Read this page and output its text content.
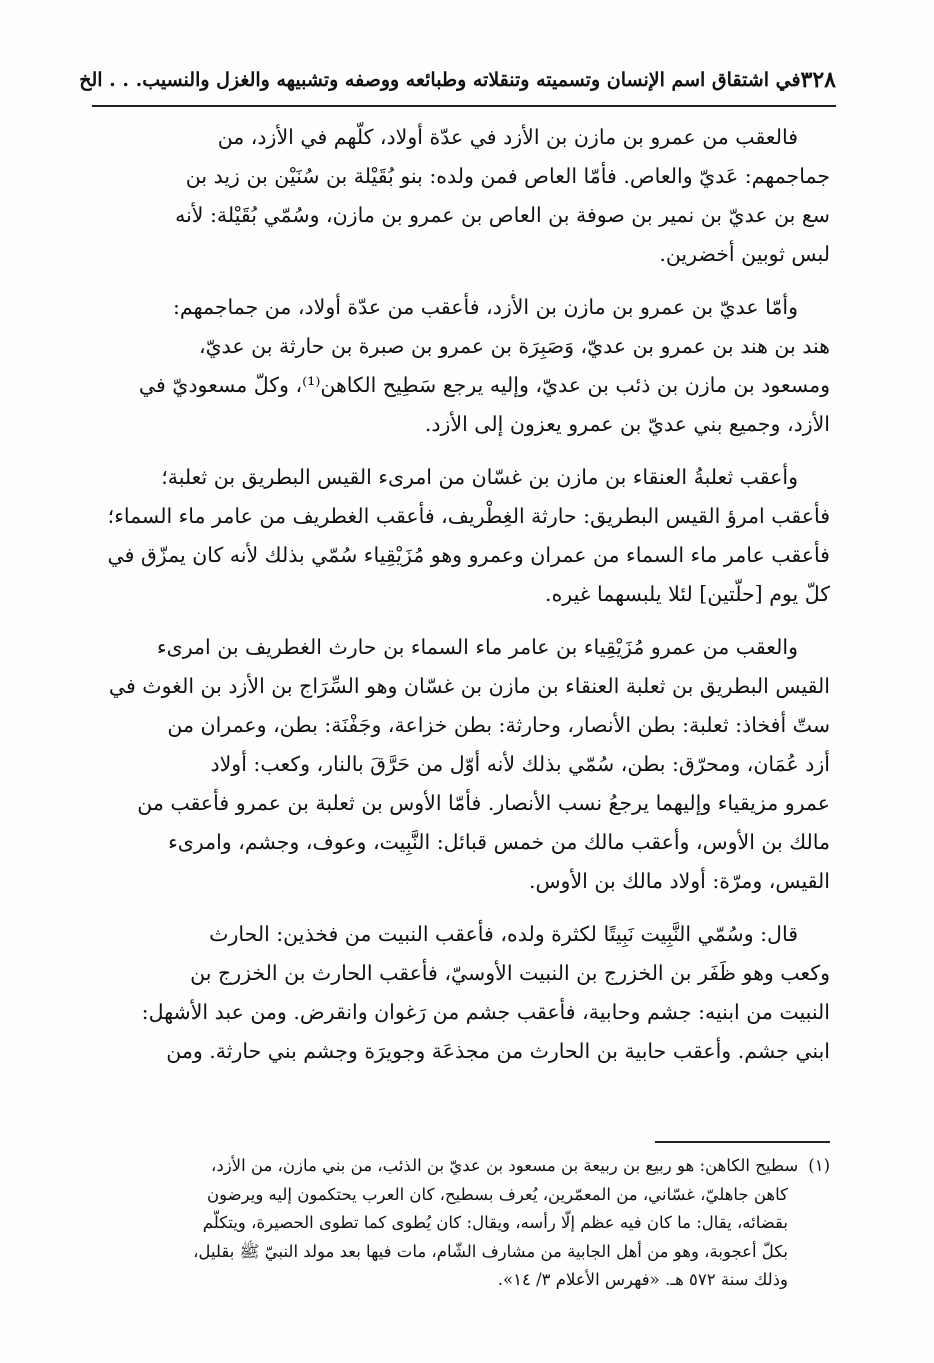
٣٢٨
في اشتقاق اسم الإنسان وتسميته وتنقلاته وطبائعه ووصفه وتشبيهه والغزل والنسيب. . . الخ
فالعقب من عمرو بن مازن بن الأزد في عدّة أولاد، كلّهم في الأزد، من
جماجمهم: عَديّ والعاص. فأمّا العاص فمن ولده: بنو بُقَيْلة بن سُنَيْن بن زيد بن
سع بن عديّ بن نمير بن صوفة بن العاص بن عمرو بن مازن، وسُمّي بُقَيْلة: لأنه
لبس ثوبين أخضرين.
وأمّا عديّ بن عمرو بن مازن بن الأزد، فأعقب من عدّة أولاد، من جماجمهم:
هند بن هند بن عمرو بن عديّ، وَصَبِرَة بن عمرو بن صبرة بن حارثة بن عديّ،
ومسعود بن مازن بن ذئب بن عديّ، وإليه يرجع سَطِيح الكاهن⁽¹⁾، وكلّ مسعوديّ في
الأزد، وجميع بني عديّ بن عمرو يعزون إلى الأزد.
وأعقب ثعلبةُ العنقاء بن مازن بن غسّان من امرىء القيس البطريق بن ثعلبة؛
فأعقب امرؤ القيس البطريق: حارثة الغِطْريف، فأعقب الغطريف من عامر ماء السماء؛
فأعقب عامر ماء السماء من عمران وعمرو وهو مُزَيْقِياء سُمّي بذلك لأنه كان يمزّق في
كلّ يوم [حلّتين] لئلا يلبسهما غيره.
والعقب من عمرو مُزَيْقِياء بن عامر ماء السماء بن حارث الغطريف بن امرىء
القيس البطريق بن ثعلبة العنقاء بن مازن بن غسّان وهو السِّرَاج بن الأزد بن الغوث في
ستّ أفخاذ: ثعلبة: بطن الأنصار، وحارثة: بطن خزاعة، وجَفْنَة: بطن، وعمران من
أزد عُمَان، ومحرّق: بطن، سُمّي بذلك لأنه أوّل من حَرَّقَ بالنار، وكعب: أولاد
عمرو مزيقياء وإليهما يرجعُ نسب الأنصار. فأمّا الأوس بن ثعلبة بن عمرو فأعقب من
مالك بن الأوس، وأعقب مالك من خمس قبائل: النَّبِيت، وعوف، وجشم، وامرىء
القيس، ومرّة: أولاد مالك بن الأوس.
قال: وسُمّي النَّبِيت نَبِيتًا لكثرة ولده، فأعقب النبيت من فخذين: الحارث
وكعب وهو ظَفَر بن الخزرج بن النبيت الأوسيّ، فأعقب الحارث بن الخزرج بن
النبيت من ابنيه: جشم وحابية، فأعقب جشم من رَغوان وانقرض. ومن عبد الأشهل:
ابني جشم. وأعقب حابية بن الحارث من مجذعَة وجويرَة وجشم بني حارثة. ومن
(١)
سطيح الكاهن: هو ربيع بن ربيعة بن مسعود بن عديّ بن الذئب، من بني مازن، من الأزد،
كاهن جاهليّ، غسّاني، من المعمّرين، يُعرف بسطيح، كان العرب يحتكمون إليه ويرضون
بقضائه، يقال: ما كان فيه عظم إلّا رأسه، ويقال: كان يُطوى كما تطوى الحصيرة، ويتكلّم
بكلّ أعجوبة، وهو من أهل الجابية من مشارف الشّام، مات فيها بعد مولد النبيّ ﷺ بقليل،
وذلك سنة ٥٧٢ هـ. «فهرس الأعلام ٣/ ١٤».
